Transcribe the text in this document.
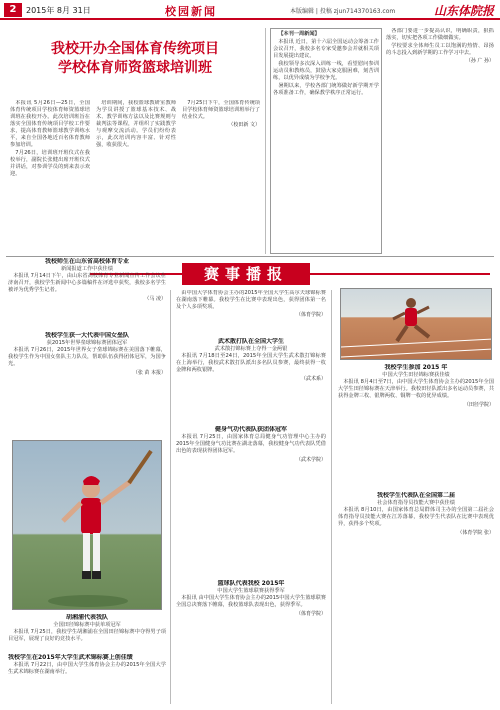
2	2015年 8月 31日	校园新闻	本版编辑 | 投稿 zjun714370163.com	山东体院报
我校开办全国体育传统项目
学校体育师资篮球培训班

本报讯 5月26日—25日，全国体育传统项目学校体育师资篮球培训班在我校开办。此次培训班旨在落实全国体育传统项目学校工作要求，提高体育教师篮球教学训练水平，来自全国各地近百名体育教师参加培训。

7月26日，培训班开班仪式在我校举行，副院长张健出席开班仪式并讲话，对参训学员的到来表示欢迎。

培训期间，我校篮球教研室教师为学员讲授了篮球基本技术、战术、教学训练方法以及比赛规则与裁判法等课程，并组织了实践教学与观摩交流活动。学员们纷纷表示，此次培训内容丰富、针对性强，收获很大。

7月25日下午，全国体育传统项目学校体育师资篮球培训班举行了结业仪式。

（校田新 文）

【本刊一周新闻】

本报讯 近日，第十六届全国运动会筹备工作会议召开，我校多名专家受邀参会并就相关项目发展提出建议。

我校领导多次深入训练一线，看望慰问参训运动员和教练员，鼓励大家克服困难，刻苦训练，以优异成绩为学校争光。

暑期以来，学校各部门统筹做好新学期开学各项准备工作，确保教学秩序正常运行。

各部门要进一步提高认识，明确职责，狠抓落实，切实把各项工作做细做实。

学校要求全体师生员工以饱满的热情、昂扬的斗志投入到新学期的工作学习中去。

（孙 广 孙）
赛事播报
我校师生在山东省高校体育专业
新闻报道工作中获佳绩

本报讯 7月14日下午，由山东省高校体育专业新闻宣传工作会议在济南召开，我校学生新闻中心多篇稿件在评选中获奖，我校多名学生被评为优秀学生记者。

（马 凌）
我校学生获一大代表中国女垒队
获2015年世界垒球锦标赛团体冠军

本报讯 7月26日，2015年世界女子垒球锦标赛在美国落下帷幕，我校学生作为中国女垒队主力队员，帮助队伍获得团体冠军，为国争光。

（张 苗 本报）
胡湘浦代表我队
全国田径锦标赛中获单项冠军

本报讯 7月25日，我校学生胡湘浦在全国田径锦标赛中夺得男子项目冠军，展现了良好的竞技水平。

我校学生在2015年大学生武术锦标赛上创佳绩

本报讯 7月22日，由中国大学生体育协会主办的2015年全国大学生武术锦标赛在湖南举行。

由中国大学体育协会主办的2015年全国大学生高尔夫球锦标赛在湖南落下帷幕。我校学生在比赛中表现出色，获得团体第一名及个人多项奖项。

（体育学院）
武术散打队在全国大学生
武术散打锦标赛上夺得一金两银

本报讯 7月18日至24日，2015年全国大学生武术散打锦标赛在上海举行，我校武术散打队派出多名队员参赛，最终获得一枚金牌和两枚银牌。

（武术系）
健身气功代表队获团体冠军

本报讯 7月25日，由国家体育总局健身气功管理中心主办的2015年全国健身气功比赛在湖北落幕，我校健身气功代表队凭借出色的表现获得团体冠军。

（武术学院）
篮球队代表我校 2015年
中国大学生篮球联赛获得季军

本报讯 由中国大学生体育协会主办的2015中国大学生篮球联赛全国总决赛落下帷幕，我校篮球队表现出色，获得季军。

（体育学院）
我校学生参加 2015 年
中国大学生田径锦标赛获佳绩

本报讯 8月4日至7日，由中国大学生体育协会主办的2015年全国大学生田径锦标赛在天津举行。我校田径队派出多名运动员参赛，共获得金牌三枚、银牌两枚、铜牌一枚的优异成绩。

（田径学院）
我校学生代表队在全国第二届
社会体育指导员技能大赛中获佳绩

本报讯 8月10日，由国家体育总局群体司主办的全国第二届社会体育指导员技能大赛在江苏落幕，我校学生代表队在比赛中表现优异，获得多个奖项。

（体育学院 张）
